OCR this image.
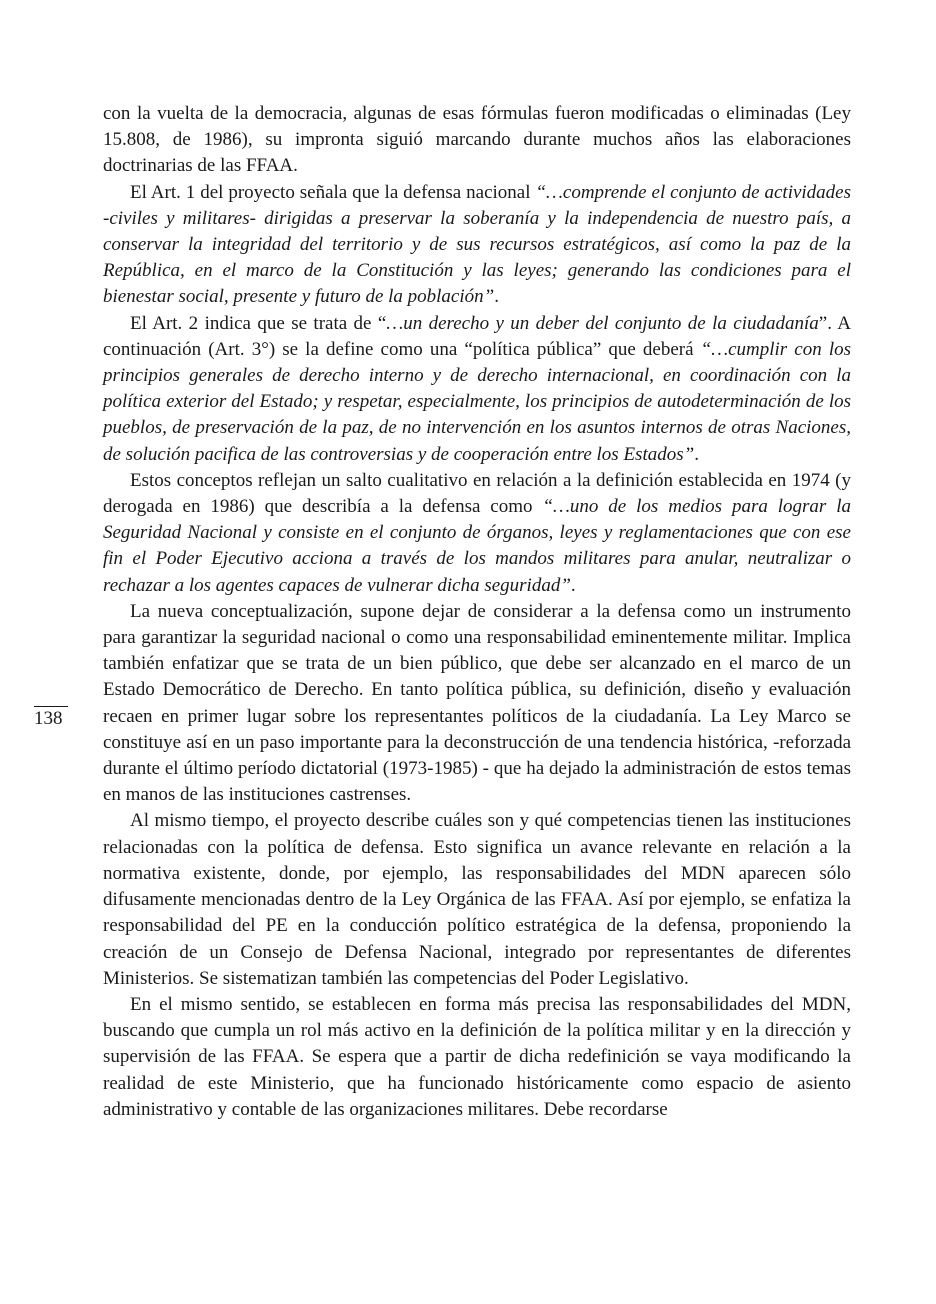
con la vuelta de la democracia, algunas de esas fórmulas fueron modificadas o eliminadas (Ley 15.808, de 1986), su impronta siguió marcando durante muchos años las elaboraciones doctrinarias de las FFAA.

El Art. 1 del proyecto señala que la defensa nacional “…comprende el conjunto de actividades -civiles y militares- dirigidas a preservar la soberanía y la independencia de nuestro país, a conservar la integridad del territorio y de sus recursos estratégicos, así como la paz de la República, en el marco de la Constitución y las leyes; generando las condiciones para el bienestar social, presente y futuro de la población”.

El Art. 2 indica que se trata de “…un derecho y un deber del conjunto de la ciudadanía”. A continuación (Art. 3°) se la define como una “política pública” que deberá “…cumplir con los principios generales de derecho interno y de derecho internacional, en coordinación con la política exterior del Estado; y respetar, especialmente, los principios de autodeterminación de los pueblos, de preservación de la paz, de no intervención en los asuntos internos de otras Naciones, de solución pacifica de las controversias y de cooperación entre los Estados”.

Estos conceptos reflejan un salto cualitativo en relación a la definición establecida en 1974 (y derogada en 1986) que describía a la defensa como “…uno de los medios para lograr la Seguridad Nacional y consiste en el conjunto de órganos, leyes y reglamentaciones que con ese fin el Poder Ejecutivo acciona a través de los mandos militares para anular, neutralizar o rechazar a los agentes capaces de vulnerar dicha seguridad”.

La nueva conceptualización, supone dejar de considerar a la defensa como un instrumento para garantizar la seguridad nacional o como una responsabilidad eminentemente militar. Implica también enfatizar que se trata de un bien público, que debe ser alcanzado en el marco de un Estado Democrático de Derecho. En tanto política pública, su definición, diseño y evaluación recaen en primer lugar sobre los representantes políticos de la ciudadanía. La Ley Marco se constituye así en un paso importante para la deconstrucción de una tendencia histórica, -reforzada durante el último período dictatorial (1973-1985) - que ha dejado la administración de estos temas en manos de las instituciones castrenses.

Al mismo tiempo, el proyecto describe cuáles son y qué competencias tienen las instituciones relacionadas con la política de defensa. Esto significa un avance relevante en relación a la normativa existente, donde, por ejemplo, las responsabilidades del MDN aparecen sólo difusamente mencionadas dentro de la Ley Orgánica de las FFAA. Así por ejemplo, se enfatiza la responsabilidad del PE en la conducción político estratégica de la defensa, proponiendo la creación de un Consejo de Defensa Nacional, integrado por representantes de diferentes Ministerios. Se sistematizan también las competencias del Poder Legislativo.

En el mismo sentido, se establecen en forma más precisa las responsabilidades del MDN, buscando que cumpla un rol más activo en la definición de la política militar y en la dirección y supervisión de las FFAA. Se espera que a partir de dicha redefinición se vaya modificando la realidad de este Ministerio, que ha funcionado históricamente como espacio de asiento administrativo y contable de las organizaciones militares. Debe recordarse

138
